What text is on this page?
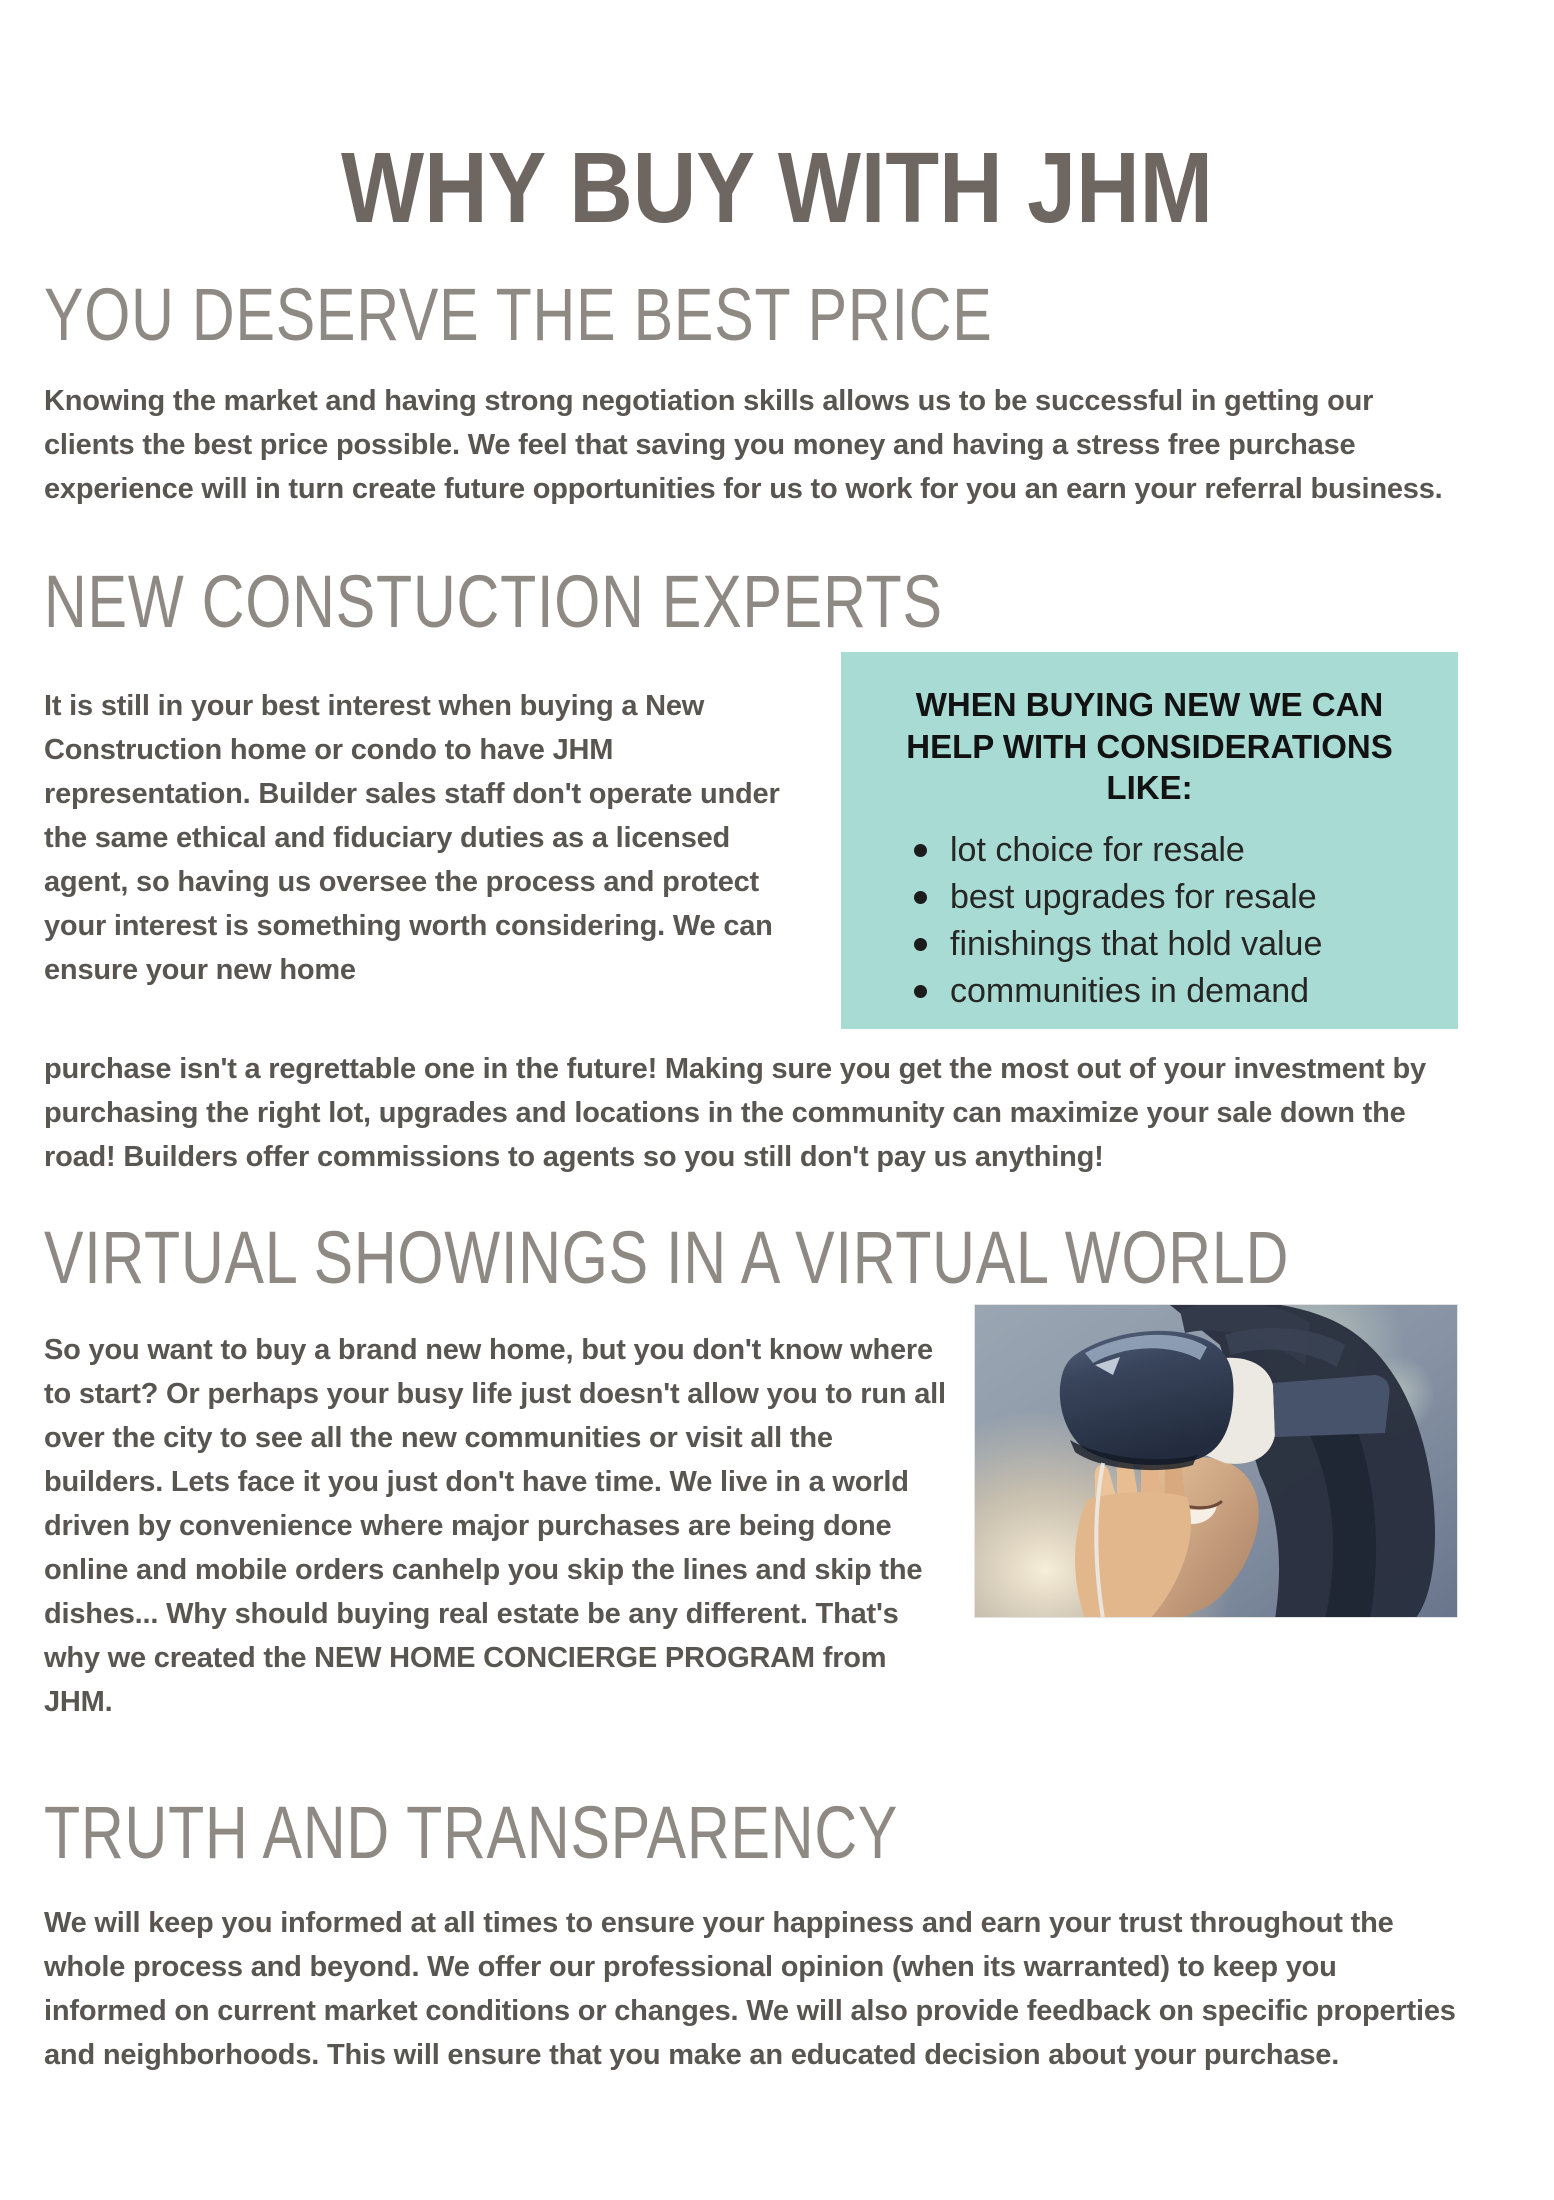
WHY BUY WITH JHM
YOU DESERVE THE BEST PRICE

Knowing the market and having strong negotiation skills allows us to be successful in getting our clients the best price possible. We feel that saving you money and having a stress free purchase experience will in turn create future opportunities for us to work for you an earn your referral business.

NEW CONSTUCTION EXPERTS

It is still in your best interest when buying a New Construction home or condo to have JHM representation. Builder sales staff don't operate under the same ethical and fiduciary duties as a licensed agent, so having us oversee the process and protect your interest is something worth considering. We can ensure your new home

WHEN BUYING NEW WE CAN HELP WITH CONSIDERATIONS LIKE:
lot choice for resale
best upgrades for resale
finishings that hold value
communities in demand

purchase isn't a regrettable one in the future! Making sure you get the most out of your investment by purchasing the right lot, upgrades and locations in the community can maximize your sale down the road! Builders offer commissions to agents so you still don't pay us anything!

VIRTUAL SHOWINGS IN A VIRTUAL WORLD

So you want to buy a brand new home, but you don't know where to start? Or perhaps your busy life just doesn't allow you to run all over the city to see all the new communities or visit all the builders. Lets face it you just don't have time. We live in a world driven by convenience where major purchases are being done online and mobile orders canhelp you skip the lines and skip the dishes... Why should buying real estate be any different. That's why we created the NEW HOME CONCIERGE PROGRAM from JHM.

TRUTH AND TRANSPARENCY

We will keep you informed at all times to ensure your happiness and earn your trust throughout the whole process and beyond. We offer our professional opinion (when its warranted) to keep you informed on current market conditions or changes. We will also provide feedback on specific properties and neighborhoods. This will ensure that you make an educated decision about your purchase.
